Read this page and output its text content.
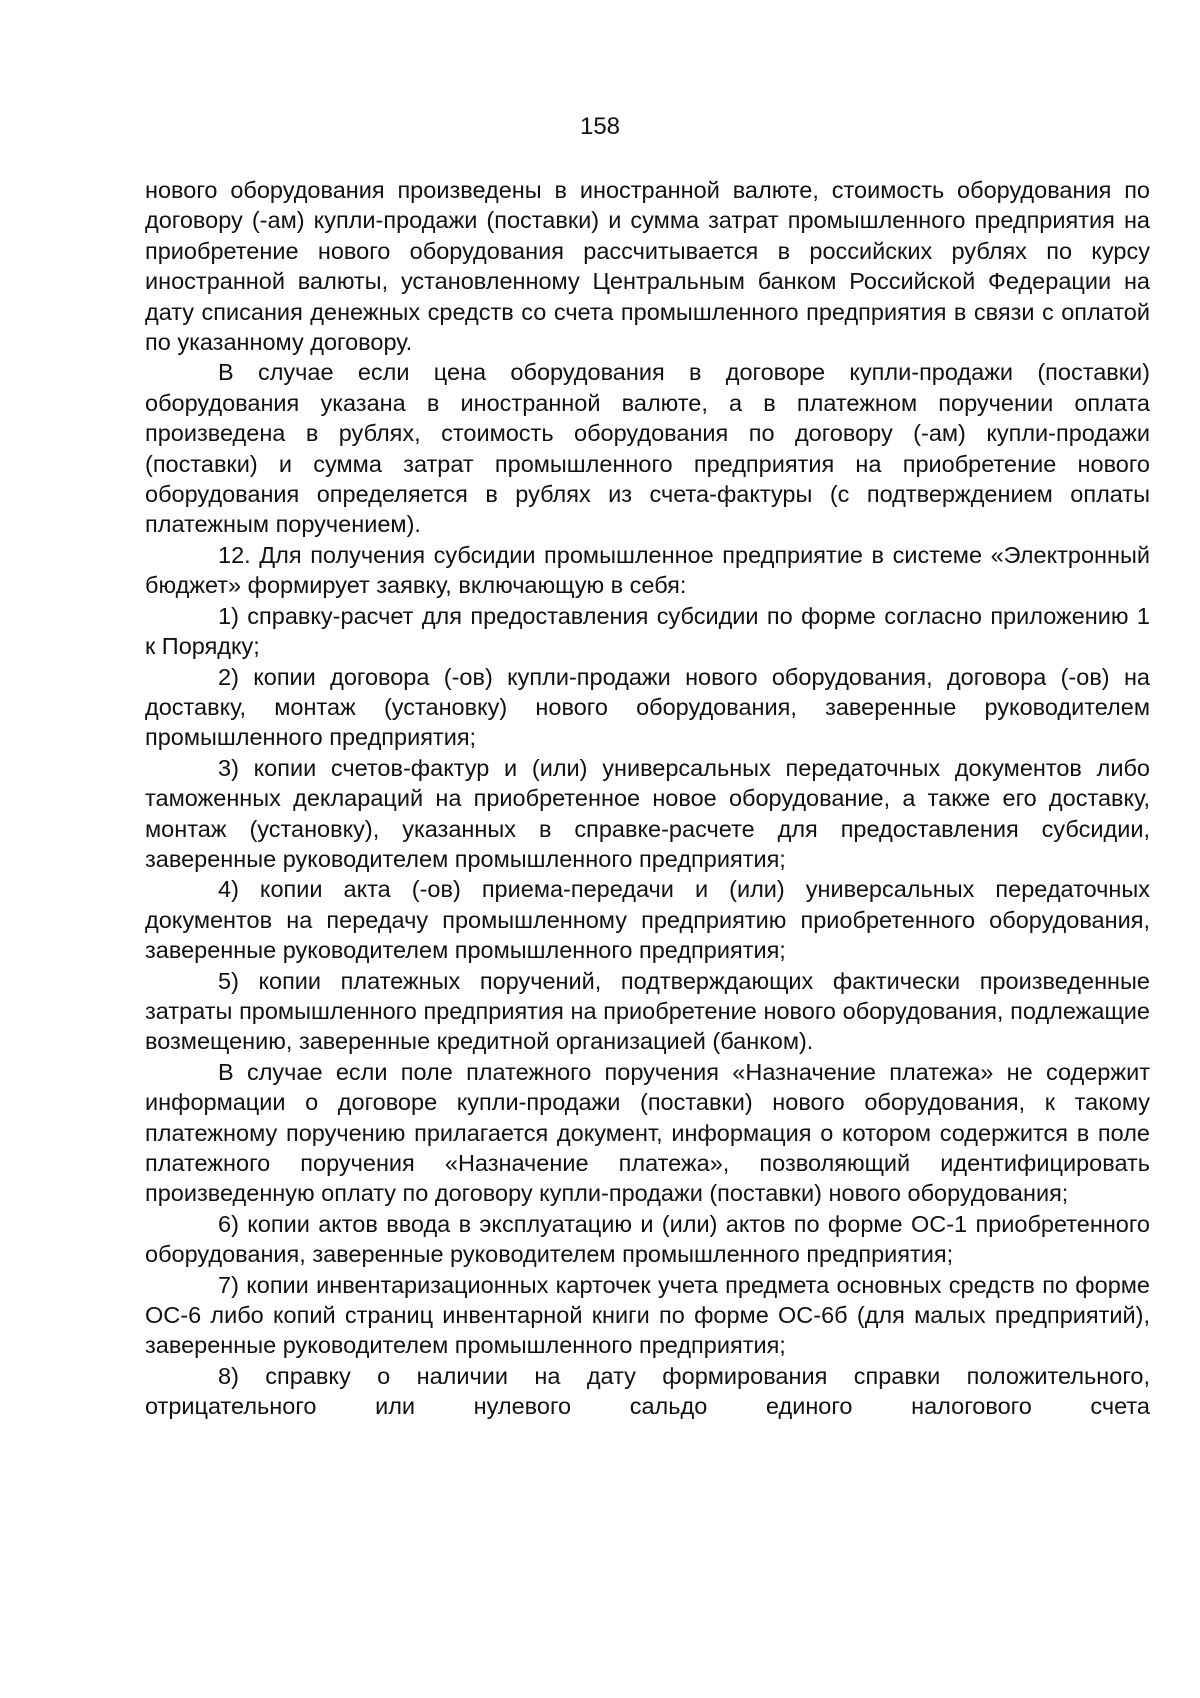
158

нового оборудования произведены в иностранной валюте, стоимость оборудования по договору (-ам) купли-продажи (поставки) и сумма затрат промышленного предприятия на приобретение нового оборудования рассчитывается в российских рублях по курсу иностранной валюты, установленному Центральным банком Российской Федерации на дату списания денежных средств со счета промышленного предприятия в связи с оплатой по указанному договору.

В случае если цена оборудования в договоре купли-продажи (поставки) оборудования указана в иностранной валюте, а в платежном поручении оплата произведена в рублях, стоимость оборудования по договору (-ам) купли-продажи (поставки) и сумма затрат промышленного предприятия на приобретение нового оборудования определяется в рублях из счета-фактуры (с подтверждением оплаты платежным поручением).

12. Для получения субсидии промышленное предприятие в системе «Электронный бюджет» формирует заявку, включающую в себя:

1) справку-расчет для предоставления субсидии по форме согласно приложению 1 к Порядку;

2) копии договора (-ов) купли-продажи нового оборудования, договора (-ов) на доставку, монтаж (установку) нового оборудования, заверенные руководителем промышленного предприятия;

3) копии счетов-фактур и (или) универсальных передаточных документов либо таможенных деклараций на приобретенное новое оборудование, а также его доставку, монтаж (установку), указанных в справке-расчете для предоставления субсидии, заверенные руководителем промышленного предприятия;

4) копии акта (-ов) приема-передачи и (или) универсальных передаточных документов на передачу промышленному предприятию приобретенного оборудования, заверенные руководителем промышленного предприятия;

5) копии платежных поручений, подтверждающих фактически произведенные затраты промышленного предприятия на приобретение нового оборудования, подлежащие возмещению, заверенные кредитной организацией (банком).

В случае если поле платежного поручения «Назначение платежа» не содержит информации о договоре купли-продажи (поставки) нового оборудования, к такому платежному поручению прилагается документ, информация о котором содержится в поле платежного поручения «Назначение платежа», позволяющий идентифицировать произведенную оплату по договору купли-продажи (поставки) нового оборудования;

6) копии актов ввода в эксплуатацию и (или) актов по форме ОС-1 приобретенного оборудования, заверенные руководителем промышленного предприятия;

7) копии инвентаризационных карточек учета предмета основных средств по форме ОС-6 либо копий страниц инвентарной книги по форме ОС-6б (для малых предприятий), заверенные руководителем промышленного предприятия;

8) справку о наличии на дату формирования справки положительного, отрицательного или нулевого сальдо единого налогового счета
